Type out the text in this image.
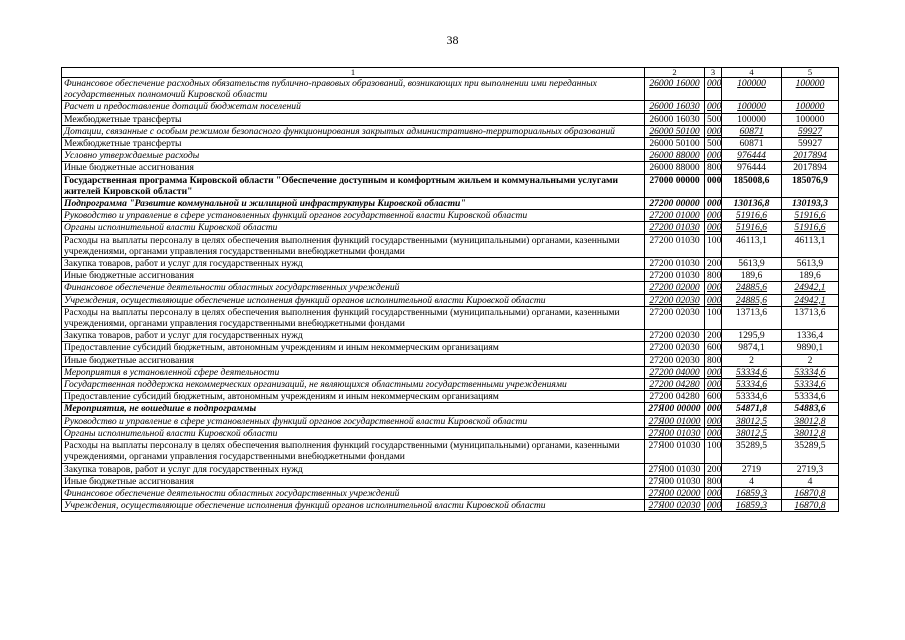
38
1	2	3	4	5
Финансовое обеспечение расходных обязательств публично-правовых образований, возникающих при выполнении ими переданных государственных полномочий Кировской области	26000 16000	000	100000	100000
Расчет и предоставление дотаций бюджетам поселений	26000 16030	000	100000	100000
Межбюджетные трансферты	26000 16030	500	100000	100000
Дотации, связанные с особым режимом безопасного функционирования закрытых административно-территориальных образований	26000 50100	000	60871	59927
Межбюджетные трансферты	26000 50100	500	60871	59927
Условно утверждаемые расходы	26000 88000	000	976444	2017894
Иные бюджетные ассигнования	26000 88000	800	976444	2017894
Государственная программа Кировской области "Обеспечение доступным и комфортным жильем и коммунальными услугами жителей Кировской области"	27000 00000	000	185008,6	185076,9
Подпрограмма "Развитие коммунальной и жилищной инфраструктуры Кировской области"	27200 00000	000	130136,8	130193,3
Руководство и управление в сфере установленных функций органов государственной власти Кировской области	27200 01000	000	51916,6	51916,6
Органы исполнительной власти Кировской области	27200 01030	000	51916,6	51916,6
Расходы на выплаты персоналу в целях обеспечения выполнения функций государственными (муниципальными) органами, казенными учреждениями, органами управления государственными внебюджетными фондами	27200 01030	100	46113,1	46113,1
Закупка товаров, работ и услуг для государственных нужд	27200 01030	200	5613,9	5613,9
Иные бюджетные ассигнования	27200 01030	800	189,6	189,6
Финансовое обеспечение деятельности областных государственных учреждений	27200 02000	000	24885,6	24942,1
Учреждения, осуществляющие обеспечение исполнения функций органов исполнительной власти Кировской области	27200 02030	000	24885,6	24942,1
Расходы на выплаты персоналу в целях обеспечения выполнения функций государственными (муниципальными) органами, казенными учреждениями, органами управления государственными внебюджетными фондами	27200 02030	100	13713,6	13713,6
Закупка товаров, работ и услуг для государственных нужд	27200 02030	200	1295,9	1336,4
Предоставление субсидий бюджетным, автономным учреждениям и иным некоммерческим организациям	27200 02030	600	9874,1	9890,1
Иные бюджетные ассигнования	27200 02030	800	2	2
Мероприятия в установленной сфере деятельности	27200 04000	000	53334,6	53334,6
Государственная поддержка некоммерческих организаций, не являющихся областными государственными учреждениями	27200 04280	000	53334,6	53334,6
Предоставление субсидий бюджетным, автономным учреждениям и иным некоммерческим организациям	27200 04280	600	53334,6	53334,6
Мероприятия, не вошедшие в подпрограммы	27Я00 00000	000	54871,8	54883,6
Руководство и управление в сфере установленных функций органов государственной власти Кировской области	27Я00 01000	000	38012,5	38012,8
Органы исполнительной власти Кировской области	27Я00 01030	000	38012,5	38012,8
Расходы на выплаты персоналу в целях обеспечения выполнения функций государственными (муниципальными) органами, казенными учреждениями, органами управления государственными внебюджетными фондами	27Я00 01030	100	35289,5	35289,5
Закупка товаров, работ и услуг для государственных нужд	27Я00 01030	200	2719	2719,3
Иные бюджетные ассигнования	27Я00 01030	800	4	4
Финансовое обеспечение деятельности областных государственных учреждений	27Я00 02000	000	16859,3	16870,8
Учреждения, осуществляющие обеспечение исполнения функций органов исполнительной власти Кировской области	27Я00 02030	000	16859,3	16870,8
